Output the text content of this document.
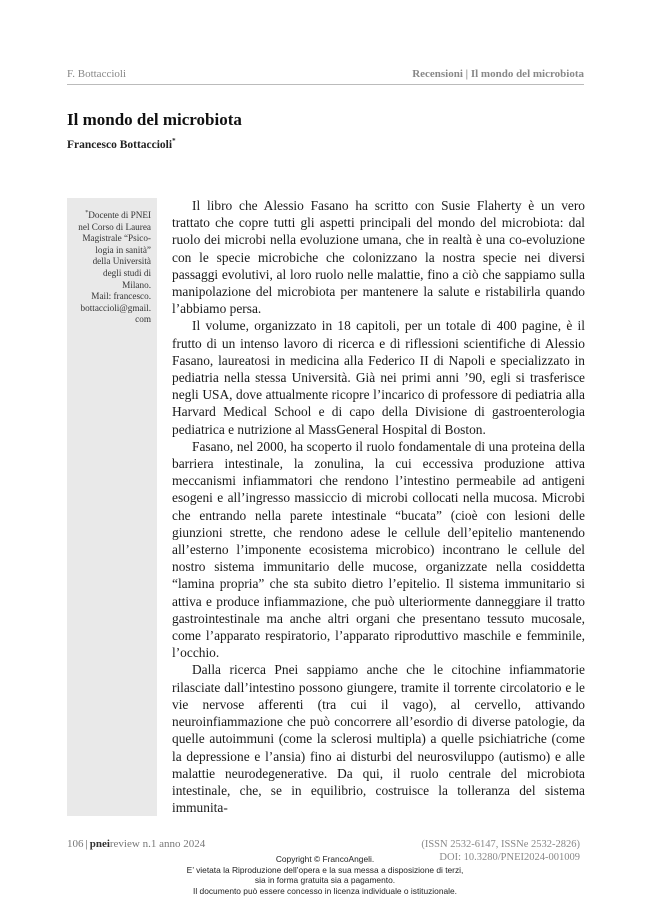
F. Bottaccioli	Recensioni | Il mondo del microbiota
Il mondo del microbiota
Francesco Bottaccioli*
*Docente di PNEI
nel Corso di Laurea
Magistrale “Psico-
logia in sanità”
della Università
degli studi di
Milano.
Mail: francesco.
bottaccioli@gmail.
com

Il libro che Alessio Fasano ha scritto con Susie Flaherty è un vero trattato che copre tutti gli aspetti principali del mondo del microbiota: dal ruolo dei microbi nella evoluzione umana, che in realtà è una co-evoluzione con le specie microbiche che colonizzano la nostra specie nei diversi passaggi evolutivi, al loro ruolo nelle malattie, fino a ciò che sappiamo sulla manipolazione del microbiota per mantenere la salute e ristabilirla quando l’abbiamo persa.

Il volume, organizzato in 18 capitoli, per un totale di 400 pagine, è il frutto di un intenso lavoro di ricerca e di riflessioni scientifiche di Alessio Fasano, laureatosi in medicina alla Federico II di Napoli e specializzato in pediatria nella stessa Università. Già nei primi anni ’90, egli si trasferisce negli USA, dove attualmente ricopre l’incarico di professore di pediatria alla Harvard Medical School e di capo della Divisione di gastroenterologia pediatrica e nutrizione al MassGeneral Hospital di Boston.

Fasano, nel 2000, ha scoperto il ruolo fondamentale di una proteina della barriera intestinale, la zonulina, la cui eccessiva produzione attiva meccanismi infiammatori che rendono l’intestino permeabile ad antigeni esogeni e all’ingresso massiccio di microbi collocati nella mucosa. Microbi che entrando nella parete intestinale “bucata” (cioè con lesioni delle giunzioni strette, che rendono adese le cellule dell’epitelio mantenendo all’esterno l’imponente ecosistema microbico) incontrano le cellule del nostro sistema immunitario delle mucose, organizzate nella cosiddetta “lamina propria” che sta subito dietro l’epitelio. Il sistema immunitario si attiva e produce infiammazione, che può ulteriormente danneggiare il tratto gastrointestinale ma anche altri organi che presentano tessuto mucosale, come l’apparato respiratorio, l’apparato riproduttivo maschile e femminile, l’occhio.

Dalla ricerca Pnei sappiamo anche che le citochine infiammatorie rilasciate dall’intestino possono giungere, tramite il torrente circolatorio e le vie nervose afferenti (tra cui il vago), al cervello, attivando neuroinfiammazione che può concorrere all’esordio di diverse patologie, da quelle autoimmuni (come la sclerosi multipla) a quelle psichiatriche (come la depressione e l’ansia) fino ai disturbi del neurosviluppo (autismo) e alle malattie neurodegenerative. Da qui, il ruolo centrale del microbiota intestinale, che, se in equilibrio, costruisce la tolleranza del sistema immunita-

106 | pneireview n.1 anno 2024	(ISSN 2532-6147, ISSNe 2532-2826)
DOI: 10.3280/PNEI2024-001009
Copyright © FrancoAngeli.
E’ vietata la Riproduzione dell’opera e la sua messa a disposizione di terzi,
sia in forma gratuita sia a pagamento.
Il documento può essere concesso in licenza individuale o istituzionale.
